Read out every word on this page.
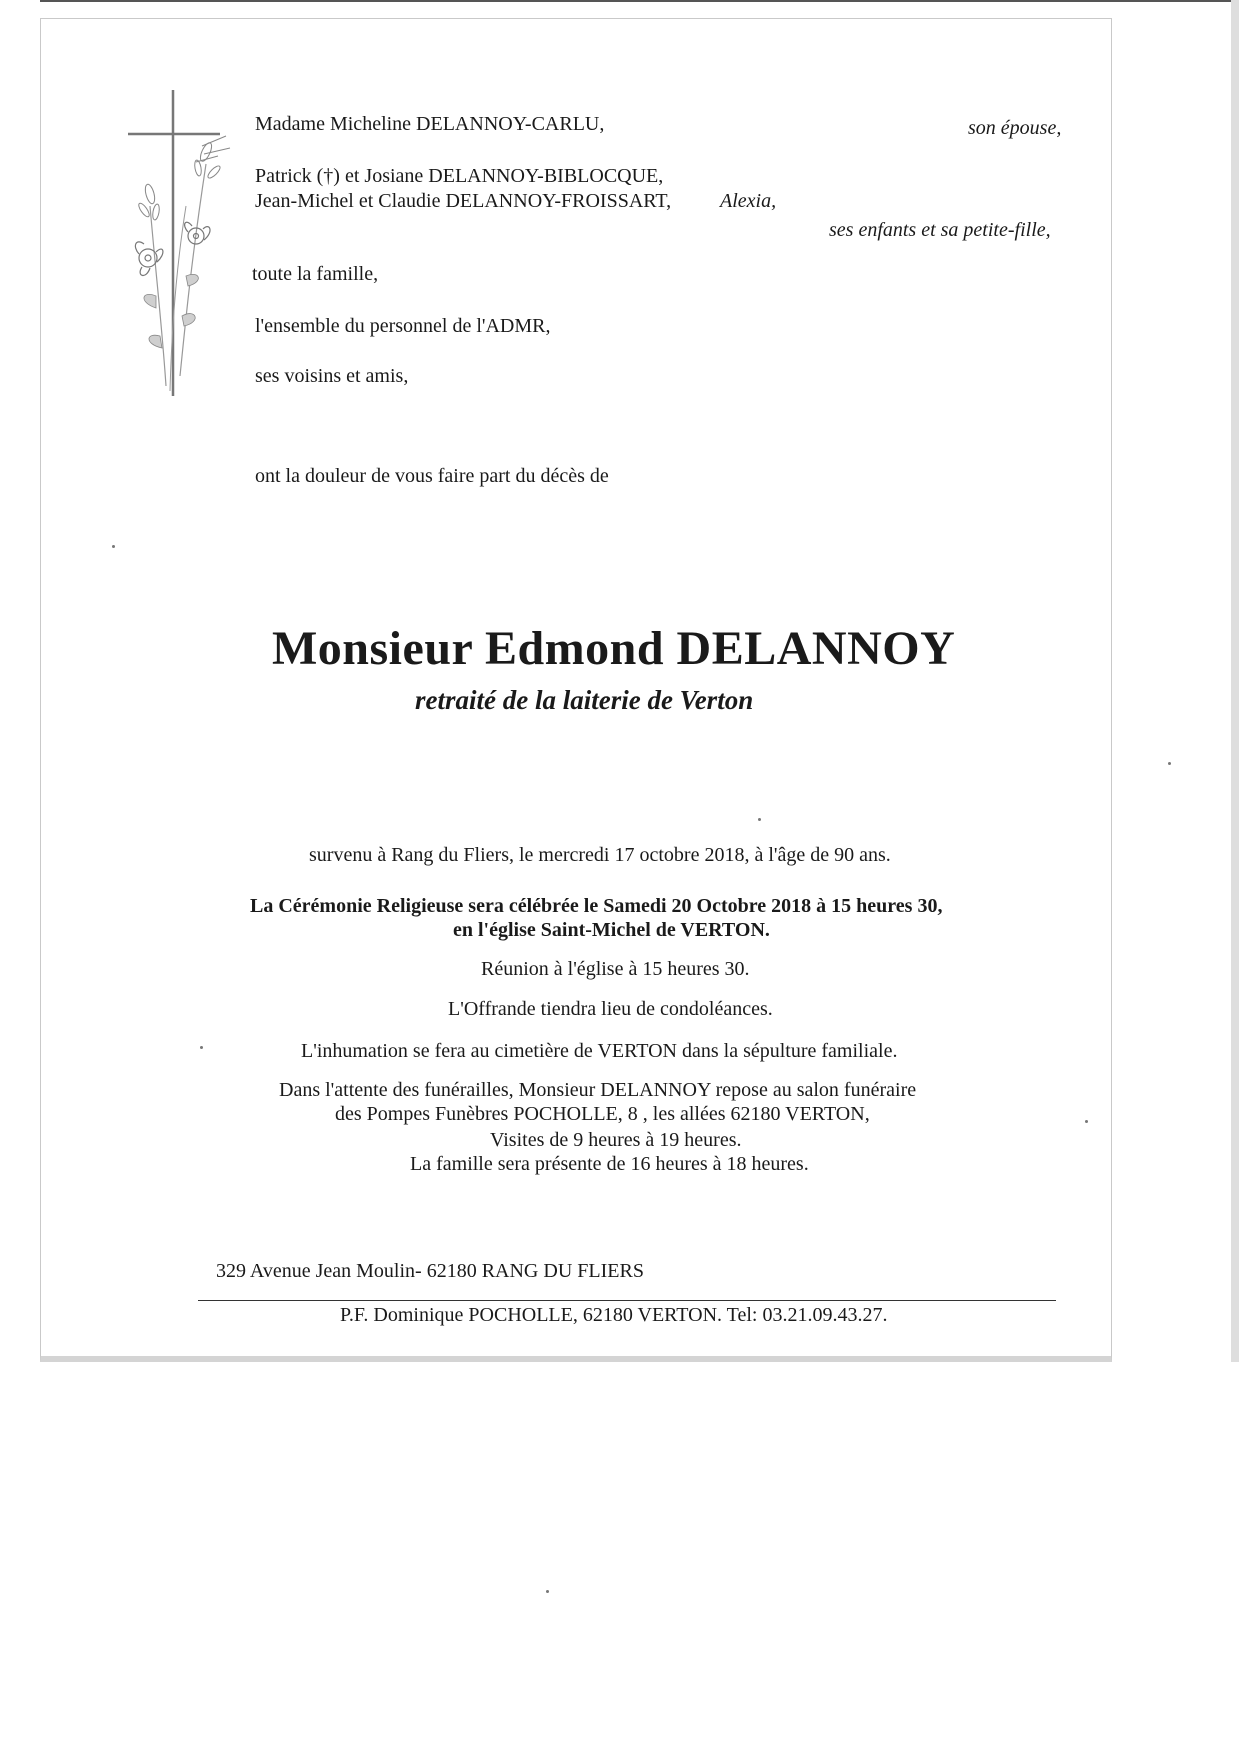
Madame Micheline DELANNOY-CARLU,	son épouse,
Patrick (†) et Josiane DELANNOY-BIBLOCQUE,
Jean-Michel et Claudie DELANNOY-FROISSART, Alexia,
ses enfants et sa petite-fille,
toute la famille,
l'ensemble du personnel de l'ADMR,
ses voisins et amis,
ont la douleur de vous faire part du décès de
Monsieur Edmond DELANNOY
retraité de la laiterie de Verton
survenu à Rang du Fliers, le mercredi 17 octobre 2018, à l'âge de 90 ans.
La Cérémonie Religieuse sera célébrée le Samedi 20 Octobre 2018 à 15 heures 30,
en l'église Saint-Michel de VERTON.
Réunion à l'église à 15 heures 30.
L'Offrande tiendra lieu de condoléances.
L'inhumation se fera au cimetière de VERTON dans la sépulture familiale.
Dans l'attente des funérailles, Monsieur DELANNOY repose au salon funéraire
des Pompes Funèbres POCHOLLE, 8 , les allées 62180 VERTON,
Visites de 9 heures à 19 heures.
La famille sera présente de 16 heures à 18 heures.
329 Avenue Jean Moulin- 62180 RANG DU FLIERS
P.F. Dominique POCHOLLE, 62180 VERTON. Tel: 03.21.09.43.27.
